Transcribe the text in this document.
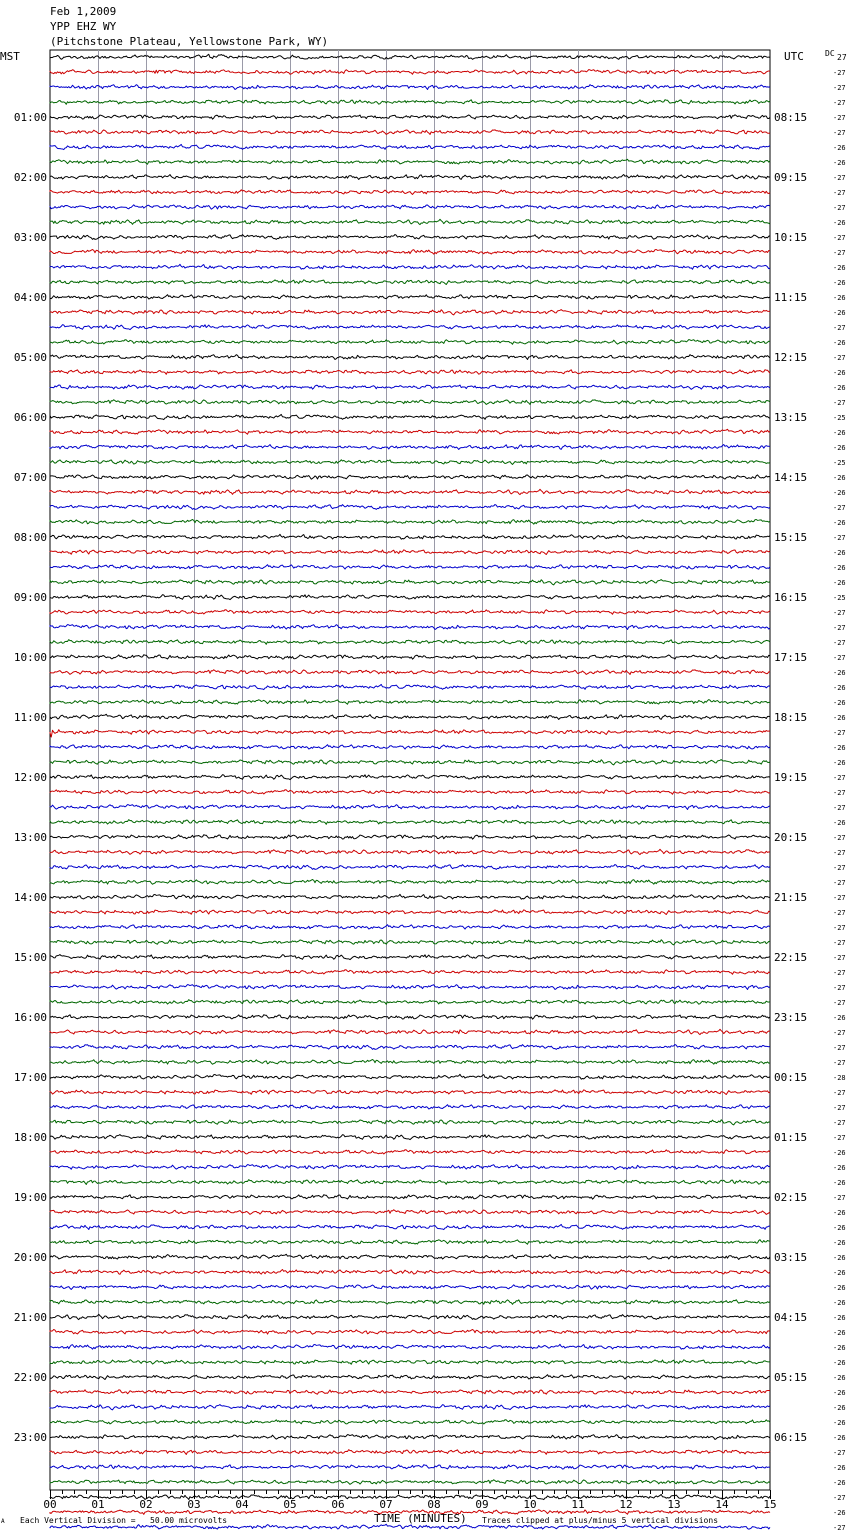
01:00
02:00
03:00
04:00
05:00
06:00
07:00
08:00
09:00
10:00
11:00
12:00
13:00
14:00
15:00
16:00
17:00
18:00
19:00
20:00
21:00
22:00
23:00
08:15
09:15
10:15
11:15
12:15
13:15
14:15
15:15
16:15
17:15
18:15
19:15
20:15
21:15
22:15
23:15
00:15
01:15
02:15
03:15
04:15
05:15
06:15
-27
-27
-27
-27
-27
-26
-26
-27
-27
-27
-26
-27
-27
-26
-26
-26
-26
-27
-26
-27
-26
-26
-27
-25
-26
-26
-25
-26
-26
-27
-26
-27
-26
-26
-26
-25
-27
-27
-27
-27
-26
-26
-26
-26
-27
-26
-26
-27
-27
-27
-26
-27
-27
-27
-27
-27
-27
-27
-27
-27
-27
-27
-27
-26
-27
-27
-27
-28
-27
-27
-27
-27
-26
-26
-26
-27
-26
-26
-26
-26
-26
-26
-26
-26
-26
-26
-26
-26
-26
-26
-26
-26
-27
-26
-26
-27
-26
-27
00	01	02	03	04	05	06	07	08	09	10	11	12	13	14	15
Feb 1,2009
YPP EHZ WY
(Pitchstone Plateau, Yellowstone Park, WY)
MST	UTC	DC 27
TIME (MINUTES)
A Each Vertical Division =   50.00 microvolts	Traces clipped at plus/minus 5 vertical divisions
